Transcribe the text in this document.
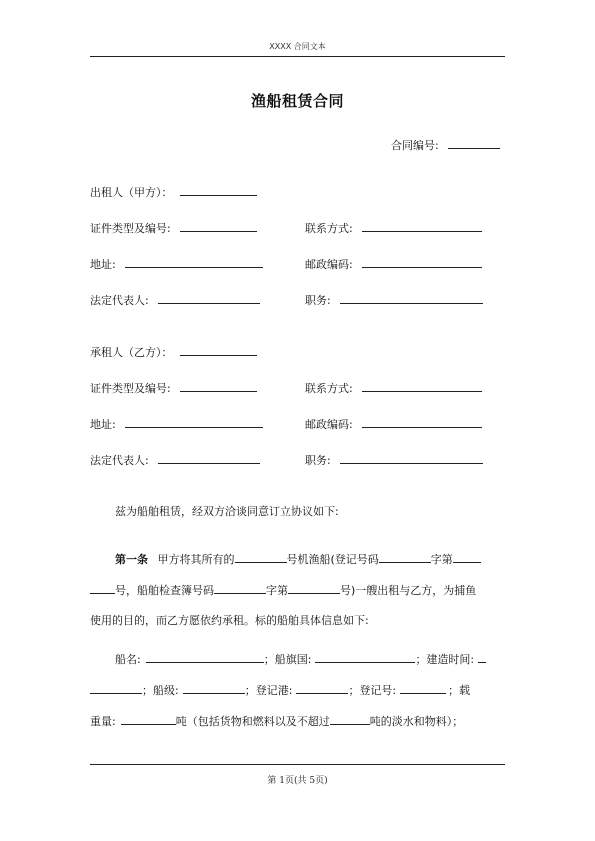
XXXX 合同文本
渔船租赁合同
合同编号:
出租人（甲方）：
证件类型及编号:	联系方式:
地址:	邮政编码:
法定代表人:	职务:
承租人（乙方）：
证件类型及编号:	联系方式:
地址:	邮政编码:
法定代表人:	职务:
兹为船舶租赁，经双方洽谈同意订立协议如下:
第一条 甲方将其所有的	号机渔船(登记号码	字第
号，船舶检查簿号码	字第	号)一艘出租与乙方，为捕鱼
使用的目的，而乙方愿依约承租。标的船舶具体信息如下:
船名:	；船旗国:	；建造时间:
；船级:	；登记港:	；登记号:	；载
重量:	吨（包括货物和燃料以及不超过	吨的淡水和物料）；
第 1页(共 5页)
